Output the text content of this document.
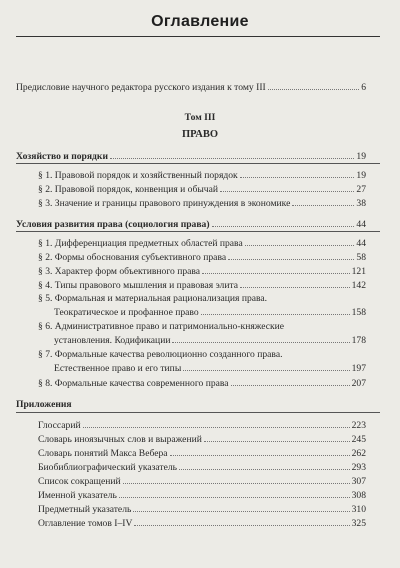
Оглавление
Предисловие научного редактора русского издания к тому III	6
Том III
ПРАВО
Хозяйство и порядки	19
§ 1. Правовой порядок и хозяйственный порядок	19
§ 2. Правовой порядок, конвенция и обычай	27
§ 3. Значение и границы правового принуждения в экономике	38
Условия развития права (социология права)	44
§ 1. Дифференциация предметных областей права	44
§ 2. Формы обоснования субъективного права	58
§ 3. Характер форм объективного права	121
§ 4. Типы правового мышления и правовая элита	142
§ 5. Формальная и материальная рационализация права.
Теократическое и профанное право	158
§ 6. Административное право и патримониально-княжеские
установления. Кодификации	178
§ 7. Формальные качества революционно созданного права.
Естественное право и его типы	197
§ 8. Формальные качества современного права	207
Приложения
Глоссарий	223
Словарь иноязычных слов и выражений	245
Словарь понятий Макса Вебера	262
Биобиблиографический указатель	293
Список сокращений	307
Именной указатель	308
Предметный указатель	310
Оглавление томов I–IV	325
